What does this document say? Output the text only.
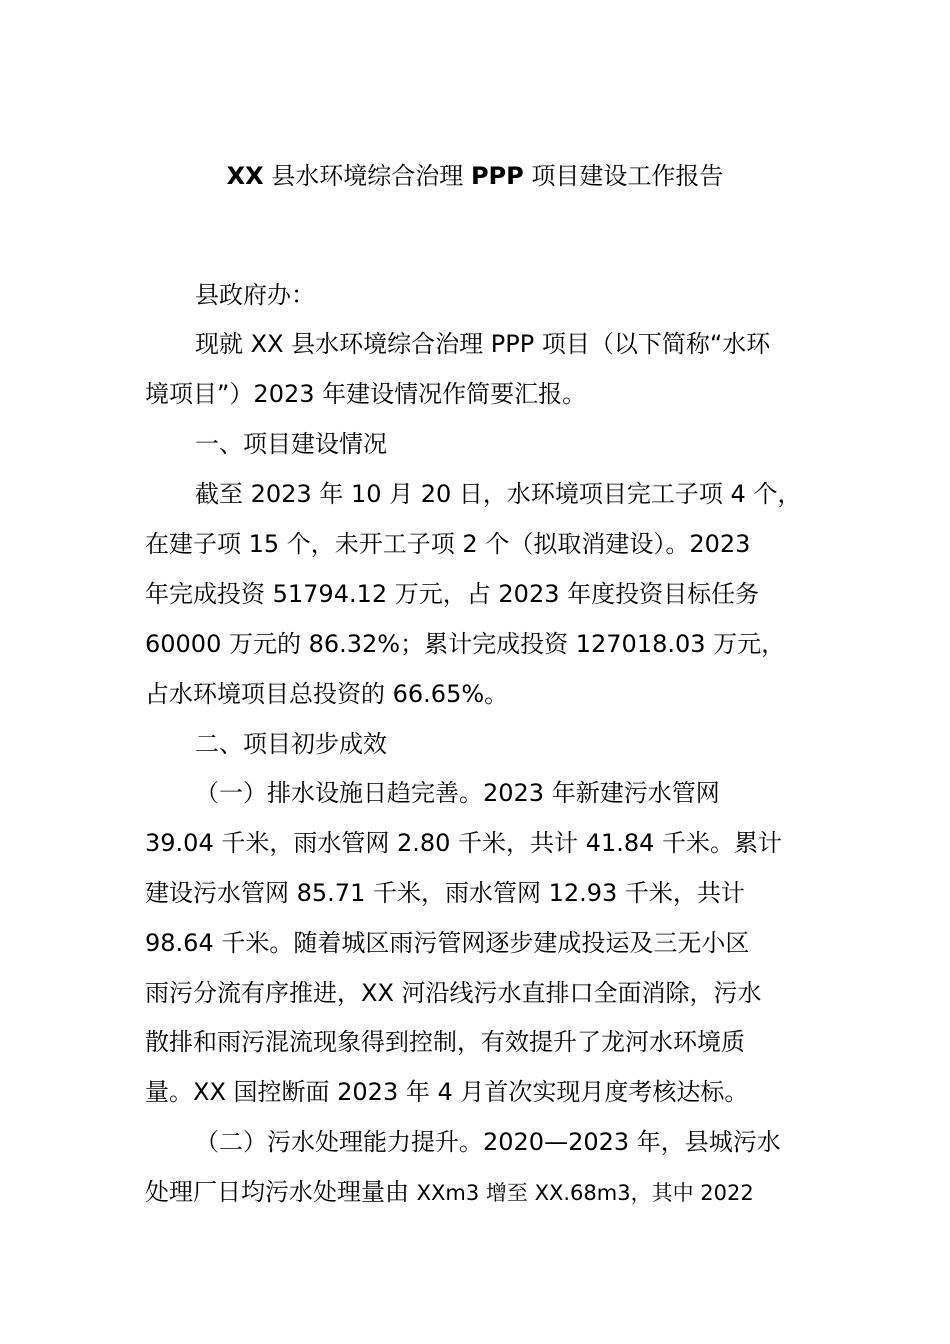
XX 县水环境综合治理 PPP 项目建设工作报告
县政府办：
现就 XX 县水环境综合治理 PPP 项目（以下简称“水环
境项目”）2023 年建设情况作简要汇报。
一、项目建设情况
截至 2023 年 10 月 20 日，水环境项目完工子项 4 个，
在建子项 15 个，未开工子项 2 个（拟取消建设）。2023
年完成投资 51794.12 万元，占 2023 年度投资目标任务
60000 万元的 86.32%；累计完成投资 127018.03 万元，
占水环境项目总投资的 66.65%。
二、项目初步成效
（一）排水设施日趋完善。2023 年新建污水管网
39.04 千米，雨水管网 2.80 千米，共计 41.84 千米。累计
建设污水管网 85.71 千米，雨水管网 12.93 千米，共计
98.64 千米。随着城区雨污管网逐步建成投运及三无小区
雨污分流有序推进，XX 河沿线污水直排口全面消除，污水
散排和雨污混流现象得到控制，有效提升了龙河水环境质
量。XX 国控断面 2023 年 4 月首次实现月度考核达标。
（二）污水处理能力提升。2020—2023 年，县城污水
处理厂日均污水处理量由 XXm3 增至 XX.68m3，其中 2022
